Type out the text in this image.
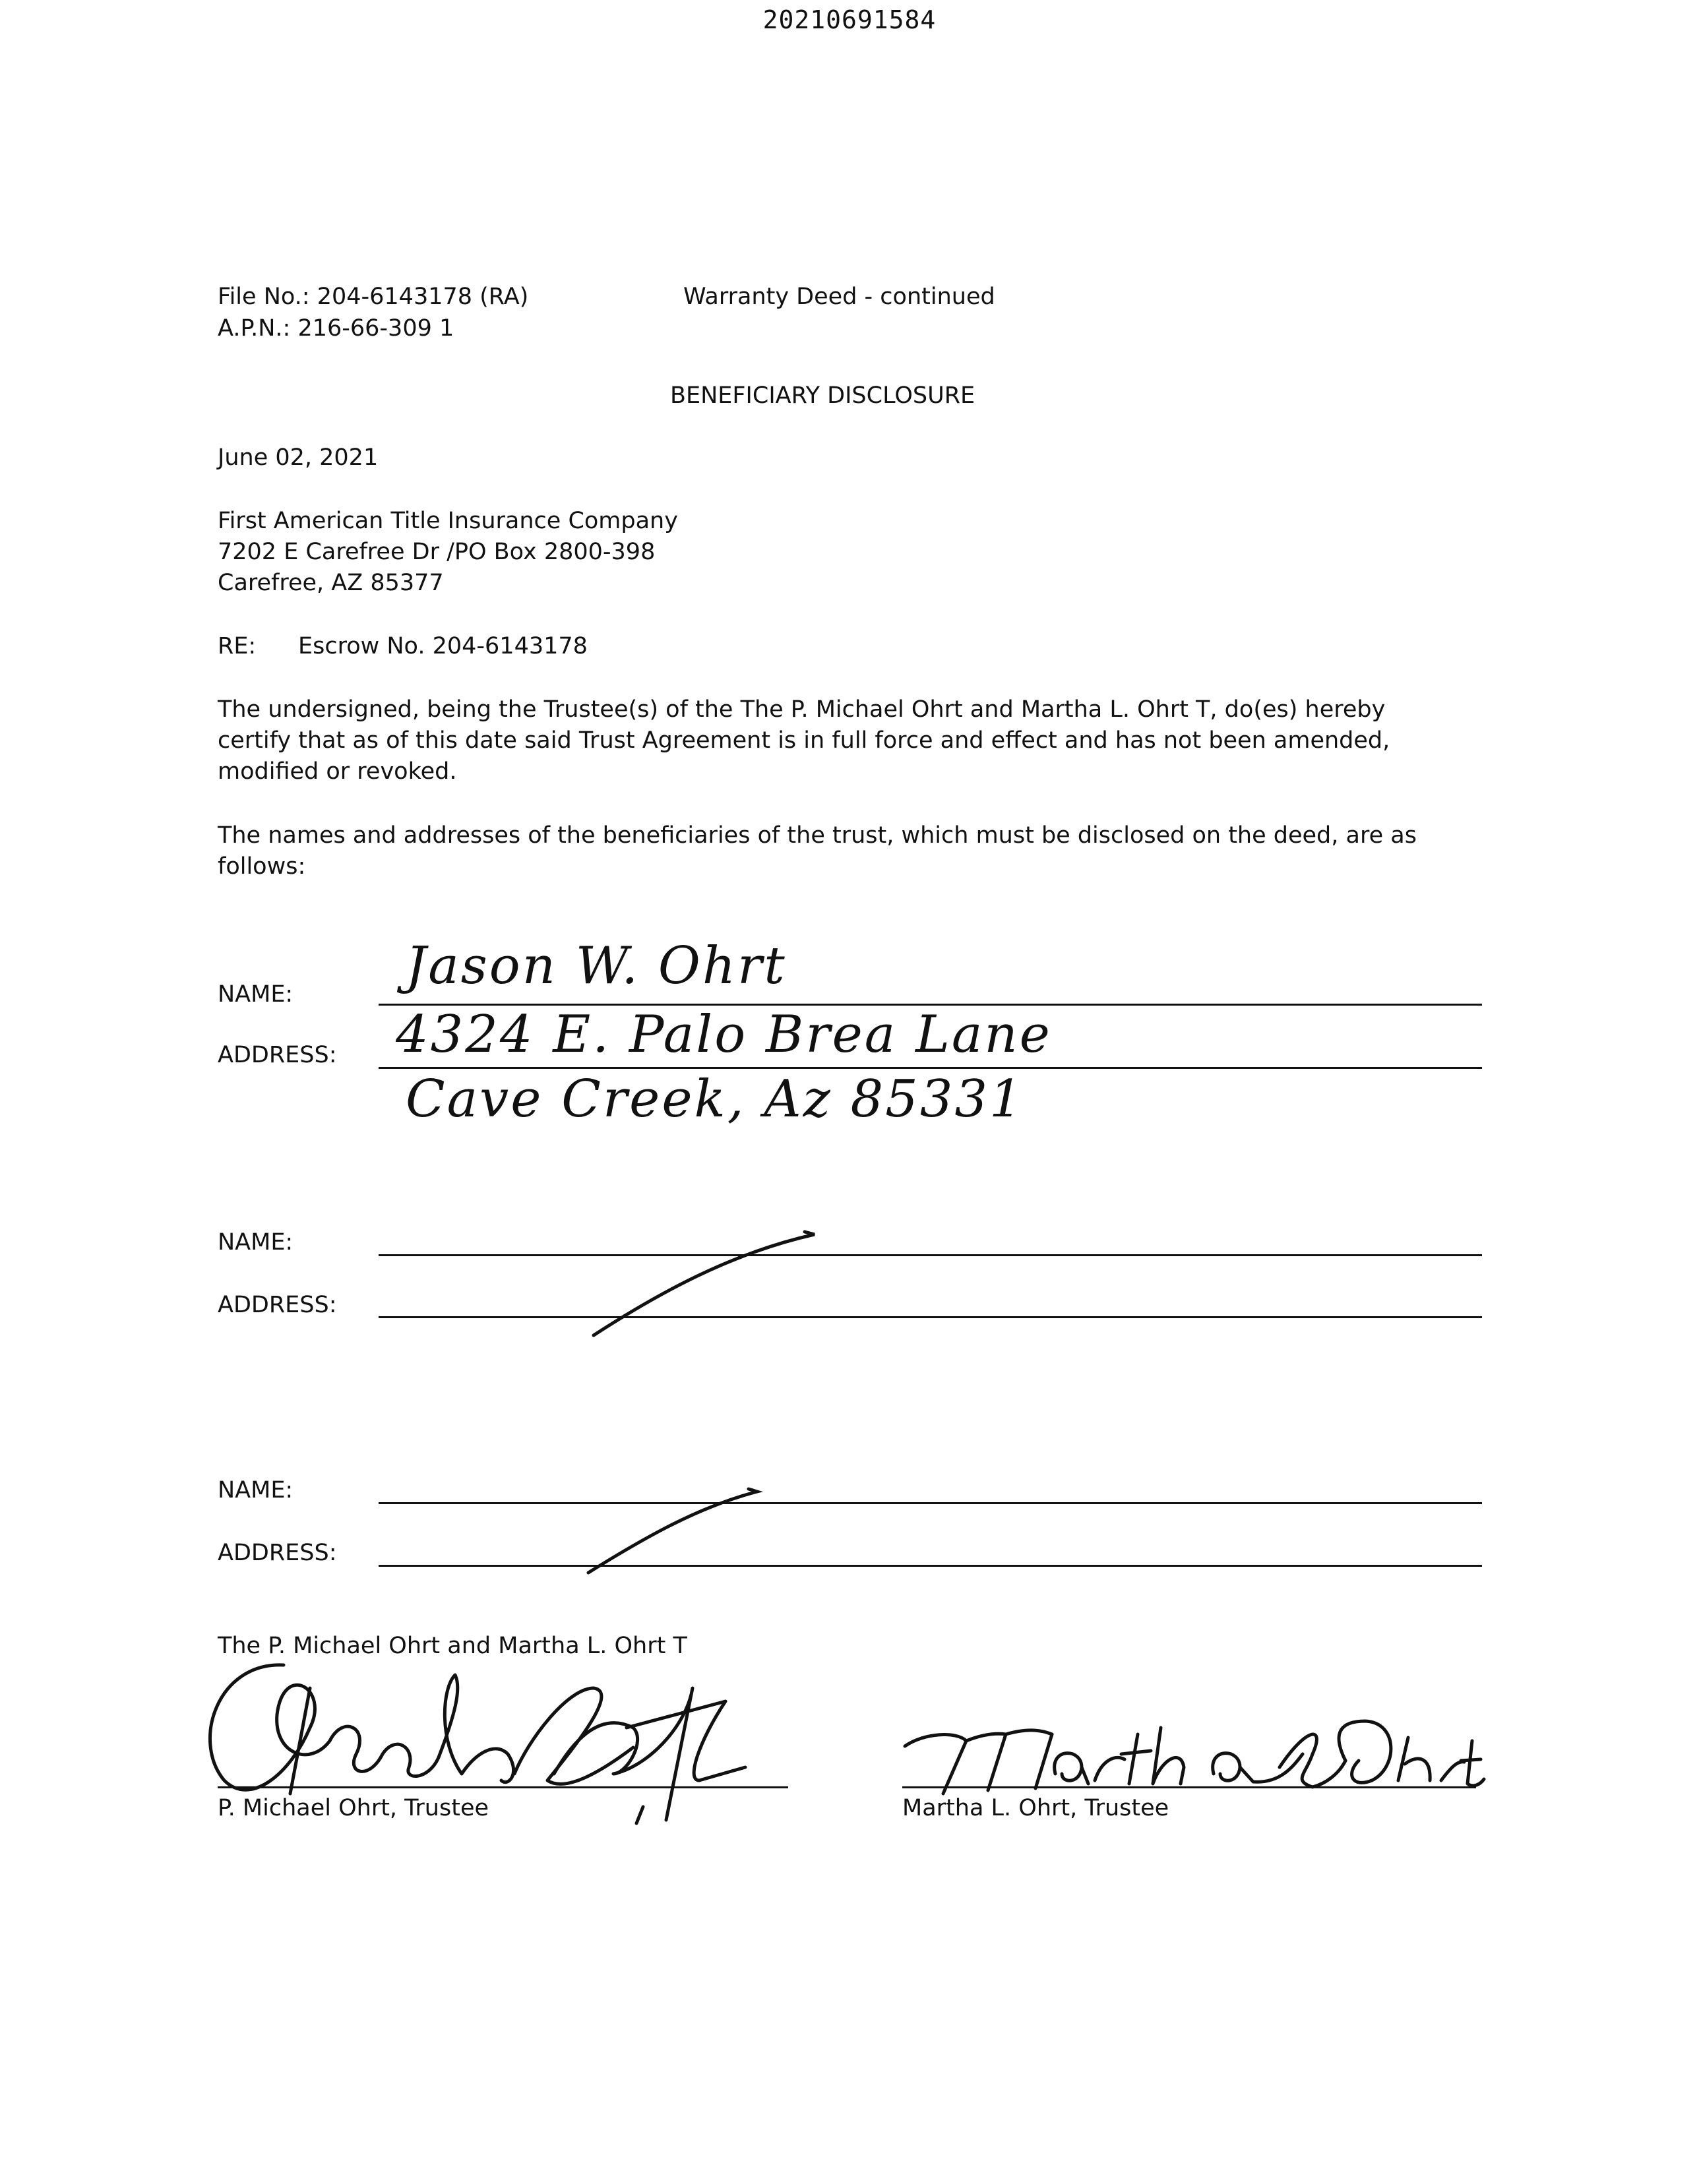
20210691584
File No.: 204-6143178 (RA)
A.P.N.: 216-66-309 1
Warranty Deed - continued
BENEFICIARY DISCLOSURE
June 02, 2021
First American Title Insurance Company
7202 E Carefree Dr /PO Box 2800-398
Carefree, AZ 85377
RE: Escrow No. 204-6143178
The undersigned, being the Trustee(s) of the The P. Michael Ohrt and Martha L. Ohrt T, do(es) hereby certify that as of this date said Trust Agreement is in full force and effect and has not been amended, modified or revoked.
The names and addresses of the beneficiaries of the trust, which must be disclosed on the deed, are as follows:
NAME: Jason W. Ohrt
ADDRESS: 4324 E. Palo Brea Lane
Cave Creek, Az 85331
NAME:
ADDRESS:
NAME:
ADDRESS:
The P. Michael Ohrt and Martha L. Ohrt T
P. Michael Ohrt, Trustee	Martha L. Ohrt, Trustee
